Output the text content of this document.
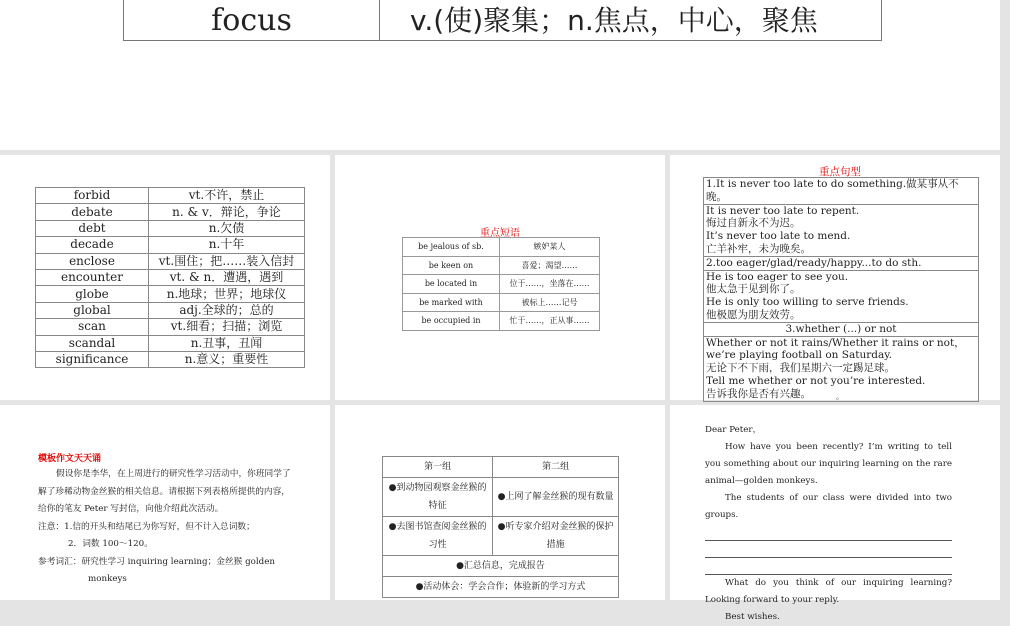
focus	v.(使)聚集；n.焦点，中心，聚焦
forbid	vt.不许，禁止
debate	n. & v．辩论，争论
debt	n.欠债
decade	n.十年
enclose	vt.围住；把……装入信封
encounter	vt. & n．遭遇，遇到
globe	n.地球；世界；地球仪
global	adj.全球的；总的
scan	vt.细看；扫描；浏览
scandal	n.丑事，丑闻
significance	n.意义；重要性
重点短语
be jealous of sb.	嫉妒某人
be keen on	喜爱；渴望……
be located in	位于……，坐落在……
be marked with	被标上……记号
be occupied in	忙于……，正从事……
重点句型
1.It is never too late to do something.做某事从不晚。
It is never too late to repent.
悔过自新永不为迟。
It’s never too late to mend.
亡羊补牢，未为晚矣。
2.too eager/glad/ready/happy...to do sth.
He is too eager to see you.
他太急于见到你了。
He is only too willing to serve friends.
他极愿为朋友效劳。
3.whether (...) or not
Whether or not it rains/Whether it rains or not，we’re playing football on Saturday.
无论下不下雨，我们星期六一定踢足球。
Tell me whether or not you’re interested.
告诉我你是否有兴趣。	。
模板作文天天诵
假设你是李华，在上周进行的研究性学习活动中，你班同学了解了珍稀动物金丝猴的相关信息。请根据下列表格所提供的内容，给你的笔友 Peter 写封信，向他介绍此次活动。
注意：1.信的开头和结尾已为你写好，但不计入总词数；
2．词数 100～120。
参考词汇：研究性学习 inquiring learning；金丝猴 golden
monkeys
第一组	第二组
●到动物园观察金丝猴的特征	●上网了解金丝猴的现有数量
●去图书馆查阅金丝猴的习性	●听专家介绍对金丝猴的保护措施
●汇总信息，完成报告	
●活动体会：学会合作；体验新的学习方式	
Dear Peter，
How have you been recently? I’m writing to tell you something about our inquiring learning on the rare animal—golden monkeys.
The students of our class were divided into two groups.
What do you think of our inquiring learning? Looking forward to your reply.
Best wishes.
